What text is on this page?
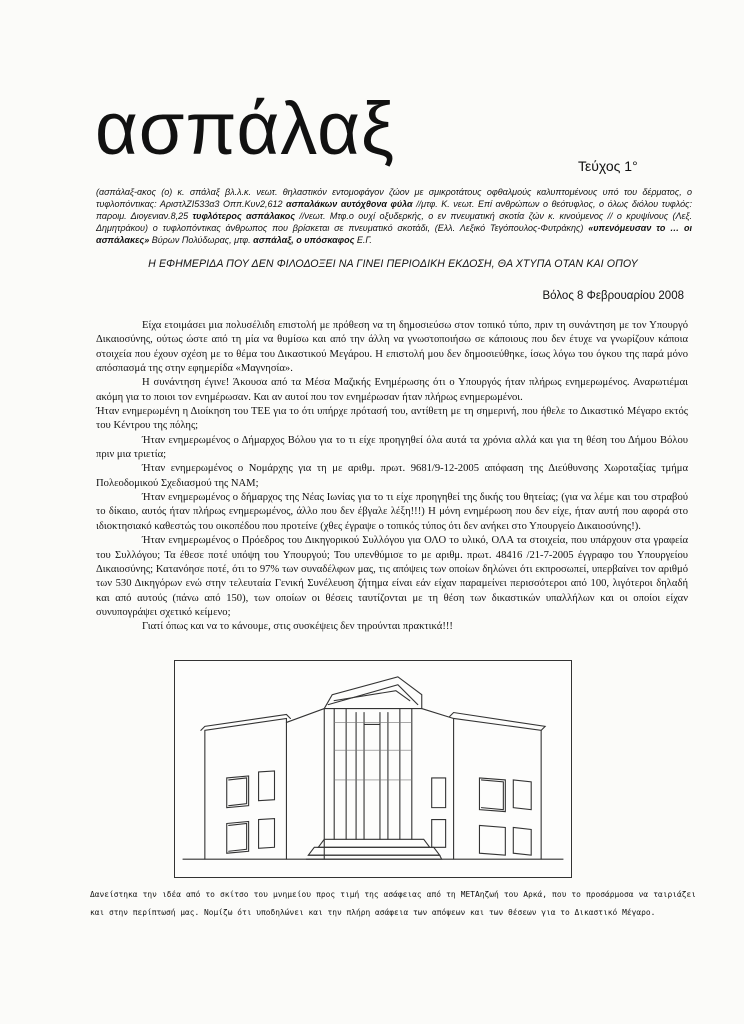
ασπάλαξ	Τεύχος 1°
(ασπάλαξ-ακος (ο) κ. σπάλαξ βλ.λ.κ. νεωτ. θηλαστικόν εντομοφάγον ζώον με σμικροτάτους οφθαλμούς καλυπτομένους υπό του δέρματος, ο τυφλοπόντικας: ΑριστλΖΙ533α3 Οππ.Κυν2,612 ασπαλάκων αυτόχθονα φύλα //μτφ. Κ. νεωτ. Επί ανθρώπων ο θεότυφλος, ο όλως διόλου τυφλός: παροιμ. Διογενιαν.8,25 τυφλότερος ασπάλακος //νεωτ. Μτφ.ο ουχί οξυδερκής, ο εν πνευματική σκοτία ζών κ. κινούμενος // ο κρυψίνους (Λεξ. Δημητράκου) ο τυφλοπόντικας άνθρωπος που βρίσκεται σε πνευματικό σκοτάδι, (Ελλ. Λεξικό Τεγόπουλος-Φυτράκης) «υπενόμευσαν το … οι ασπάλακες» Βύρων Πολύδωρας, μτφ. ασπάλαξ, ο υπόσκαφος Ε.Γ.
Η ΕΦΗΜΕΡΙΔΑ ΠΟΥ ΔΕΝ ΦΙΛΟΔΟΞΕΙ ΝΑ ΓΙΝΕΙ ΠΕΡΙΟΔΙΚΗ ΕΚΔΟΣΗ, ΘΑ ΧΤΥΠΑ ΟΤΑΝ ΚΑΙ ΟΠΟΥ
Βόλος 8 Φεβρουαρίου 2008

Είχα ετοιμάσει μια πολυσέλιδη επιστολή με πρόθεση να τη δημοσιεύσω στον τοπικό τύπο, πριν τη συνάντηση με τον Υπουργό Δικαιοσύνης, ούτως ώστε από τη μία να θυμίσω και από την άλλη να γνωστοποιήσω σε κάποιους που δεν έτυχε να γνωρίζουν κάποια στοιχεία που έχουν σχέση με το θέμα του Δικαστικού Μεγάρου. Η επιστολή μου δεν δημοσιεύθηκε, ίσως λόγω του όγκου της παρά μόνο απόσπασμά της στην εφημερίδα «Μαγνησία».

Η συνάντηση έγινε! Άκουσα από τα Μέσα Μαζικής Ενημέρωσης ότι ο Υπουργός ήταν πλήρως ενημερωμένος. Αναρωτιέμαι ακόμη για το ποιοι τον ενημέρωσαν. Και αν αυτοί που τον ενημέρωσαν ήταν πλήρως ενημερωμένοι.

Ήταν ενημερωμένη η Διοίκηση του ΤΕΕ για το ότι υπήρχε πρότασή του, αντίθετη με τη σημερινή, που ήθελε το Δικαστικό Μέγαρο εκτός του Κέντρου της πόλης;

Ήταν ενημερωμένος ο Δήμαρχος Βόλου για το τι είχε προηγηθεί όλα αυτά τα χρόνια αλλά και για τη θέση του Δήμου Βόλου πριν μια τριετία;

Ήταν ενημερωμένος ο Νομάρχης για τη με αριθμ. πρωτ. 9681/9-12-2005 απόφαση της Διεύθυνσης Χωροταξίας τμήμα Πολεοδομικού Σχεδιασμού της ΝΑΜ;

Ήταν ενημερωμένος ο δήμαρχος της Νέας Ιωνίας για το τι είχε προηγηθεί της δικής του θητείας; (για να λέμε και του στραβού το δίκαιο, αυτός ήταν πλήρως ενημερωμένος, άλλο που δεν έβγαλε λέξη!!!) Η μόνη ενημέρωση που δεν είχε, ήταν αυτή που αφορά στο ιδιοκτησιακό καθεστώς του οικοπέδου που προτείνε (χθες έγραψε ο τοπικός τύπος ότι δεν ανήκει στο Υπουργείο Δικαιοσύνης!).

Ήταν ενημερωμένος ο Πρόεδρος του Δικηγορικού Συλλόγου για ΟΛΟ το υλικό, ΟΛΑ τα στοιχεία, που υπάρχουν στα γραφεία του Συλλόγου; Τα έθεσε ποτέ υπόψη του Υπουργού; Του υπενθύμισε το με αριθμ. πρωτ. 48416 /21-7-2005 έγγραφο του Υπουργείου Δικαιοσύνης; Κατανόησε ποτέ, ότι το 97% των συναδέλφων μας, τις απόψεις των οποίων δηλώνει ότι εκπροσωπεί, υπερβαίνει τον αριθμό των 530 Δικηγόρων ενώ στην τελευταία Γενική Συνέλευση ζήτημα είναι εάν είχαν παραμείνει περισσότεροι από 100, λιγότεροι δηλαδή και από αυτούς (πάνω από 150), των οποίων οι θέσεις ταυτίζονται με τη θέση των δικαστικών υπαλλήλων και οι οποίοι είχαν συνυπογράψει σχετικό κείμενο;

Γιατί όπως και να το κάνουμε, στις συσκέψεις δεν τηρούνται πρακτικά!!!

Δανείστηκα την ιδέα από το σκίτσο του μνημείου προς τιμή της ασάφειας από τη ΜΕΤΑηζωή του Αρκά, που το προσάρμοσα να ταιριάζει και στην περίπτωσή μας. Νομίζω ότι υποδηλώνει και την πλήρη ασάφεια των απόψεων και των θέσεων για το Δικαστικό Μέγαρο.
